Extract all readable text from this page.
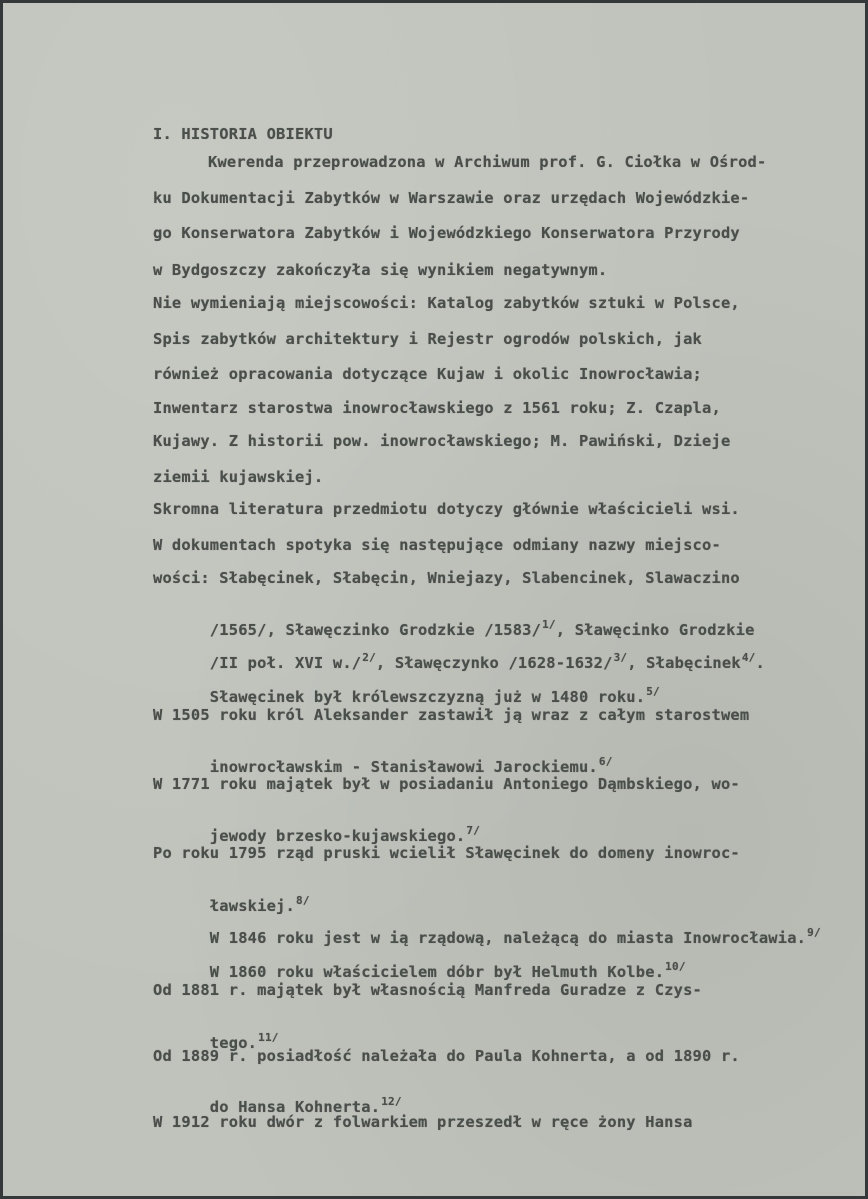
I. HISTORIA OBIEKTU
Kwerenda przeprowadzona w Archiwum prof. G. Ciołka w Ośrod-
ku Dokumentacji Zabytków w Warszawie oraz urzędach Wojewódzkie-
go Konserwatora Zabytków i Wojewódzkiego Konserwatora Przyrody
w Bydgoszczy zakończyła się wynikiem negatywnym.
Nie wymieniają miejscowości: Katalog zabytków sztuki w Polsce,
Spis zabytków architektury i Rejestr ogrodów polskich, jak
również opracowania dotyczące Kujaw i okolic Inowrocławia;
Inwentarz starostwa inowrocławskiego z 1561 roku; Z. Czapla,
Kujawy. Z historii pow. inowrocławskiego; M. Pawiński, Dzieje
ziemii kujawskiej.
Skromna literatura przedmiotu dotyczy głównie właścicieli wsi.
W dokumentach spotyka się następujące odmiany nazwy miejsco-
wości: Słabęcinek, Słabęcin, Wniejazy, Slabencinek, Slawaczino

/1565/, Sławęczinko Grodzkie /1583/$^{1/}$, Sławęcinko Grodzkie

/II poł. XVI w./$^{2/}$, Sławęczynko /1628-1632/$^{3/}$, Słabęcinek$^{4/}$.

Sławęcinek był królewszczyzną już w 1480 roku.$^{5/}$

W 1505 roku król Aleksander zastawił ją wraz z całym starostwem

inowrocławskim - Stanisławowi Jarockiemu.$^{6/}$

W 1771 roku majątek był w posiadaniu Antoniego Dąmbskiego, wo-

jewody brzesko-kujawskiego.$^{7/}$

Po roku 1795 rząd pruski wcielił Sławęcinek do domeny inowroc-

ławskiej.$^{8/}$

W 1846 roku jest w ią rządową, należącą do miasta Inowrocławia.$^{9/}$

W 1860 roku właścicielem dóbr był Helmuth Kolbe.$^{10/}$

Od 1881 r. majątek był własnością Manfreda Guradze z Czys-

tego.$^{11/}$

Od 1889 r. posiadłość należała do Paula Kohnerta, a od 1890 r.

do Hansa Kohnerta.$^{12/}$

W 1912 roku dwór z folwarkiem przeszedł w ręce żony Hansa
